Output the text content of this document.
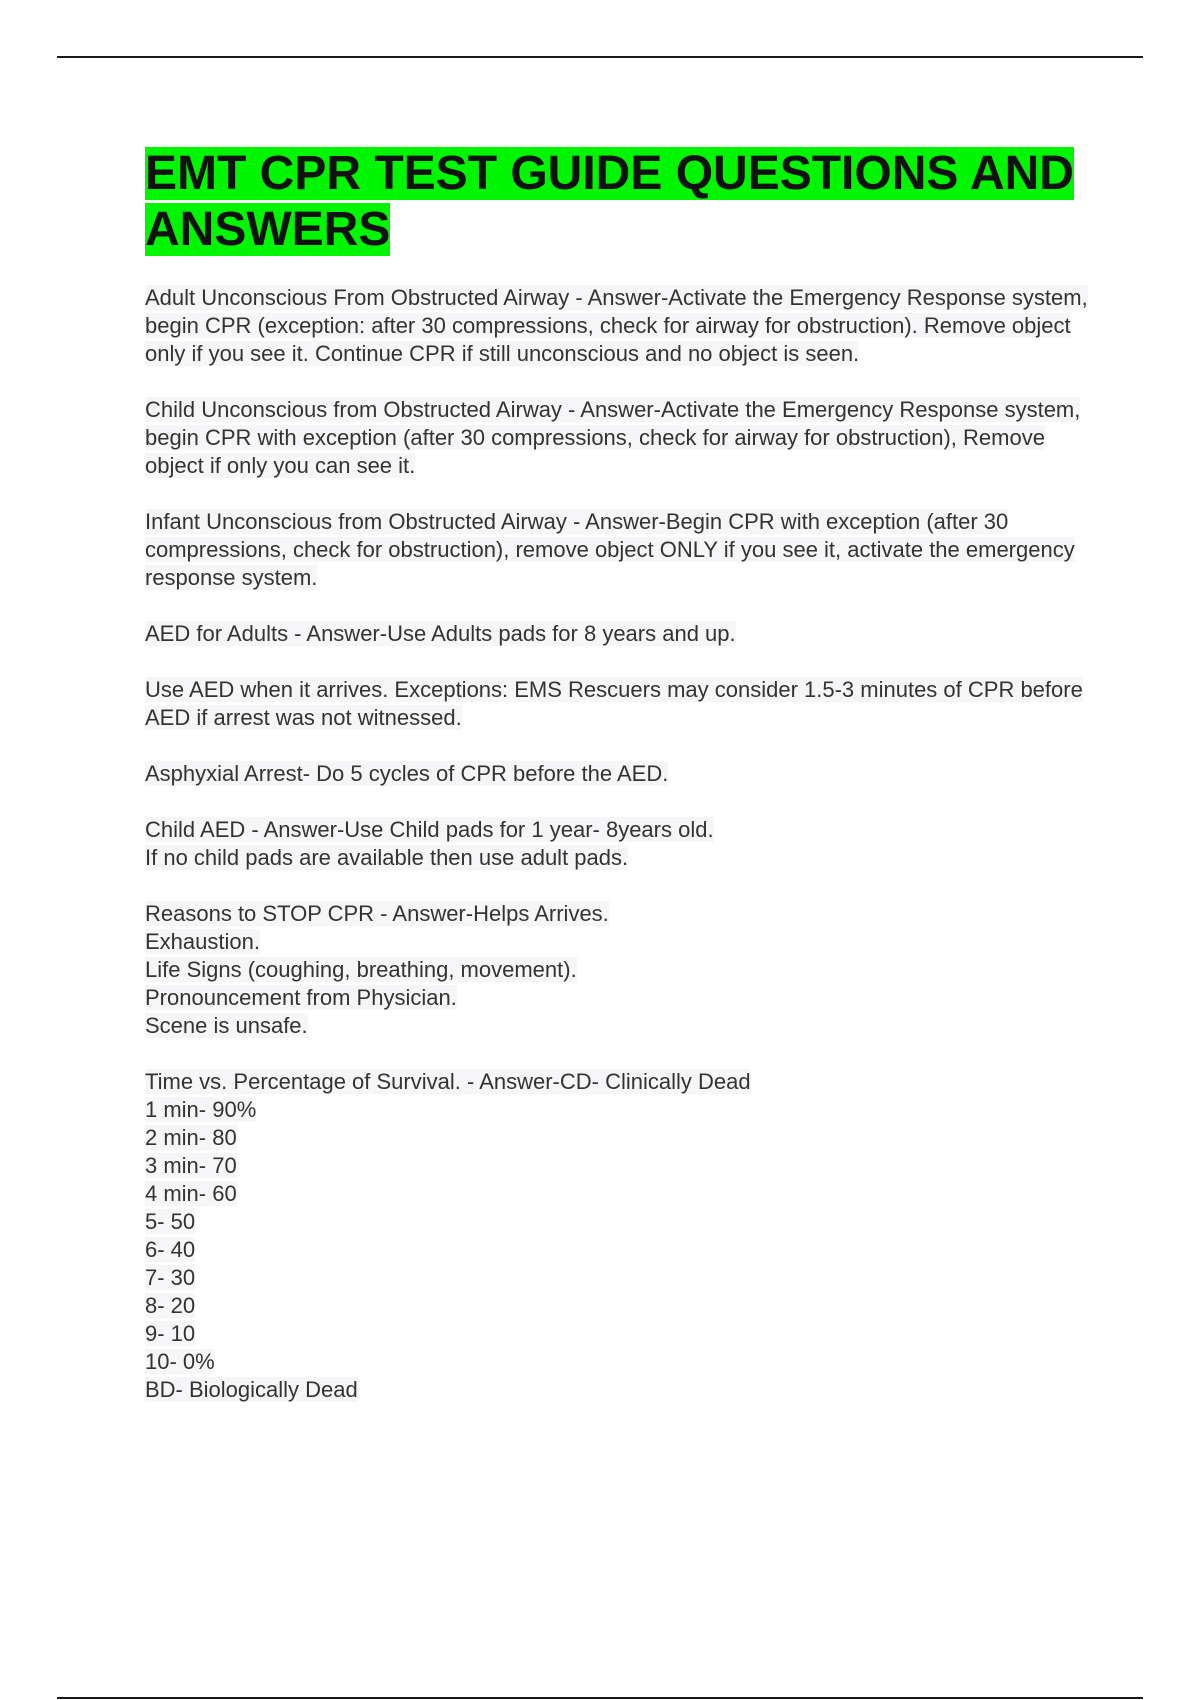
EMT CPR TEST GUIDE QUESTIONS AND ANSWERS

Adult Unconscious From Obstructed Airway - Answer-Activate the Emergency Response system, begin CPR (exception: after 30 compressions, check for airway for obstruction). Remove object only if you see it. Continue CPR if still unconscious and no object is seen.

Child Unconscious from Obstructed Airway - Answer-Activate the Emergency Response system, begin CPR with exception (after 30 compressions, check for airway for obstruction), Remove object if only you can see it.

Infant Unconscious from Obstructed Airway - Answer-Begin CPR with exception (after 30 compressions, check for obstruction), remove object ONLY if you see it, activate the emergency response system.

AED for Adults - Answer-Use Adults pads for 8 years and up.

Use AED when it arrives. Exceptions: EMS Rescuers may consider 1.5-3 minutes of CPR before AED if arrest was not witnessed.

Asphyxial Arrest- Do 5 cycles of CPR before the AED.

Child AED - Answer-Use Child pads for 1 year- 8years old.
If no child pads are available then use adult pads.

Reasons to STOP CPR - Answer-Helps Arrives.
Exhaustion.
Life Signs (coughing, breathing, movement).
Pronouncement from Physician.
Scene is unsafe.

Time vs. Percentage of Survival. - Answer-CD- Clinically Dead
1 min- 90%
2 min- 80
3 min- 70
4 min- 60
5- 50
6- 40
7- 30
8- 20
9- 10
10- 0%
BD- Biologically Dead
